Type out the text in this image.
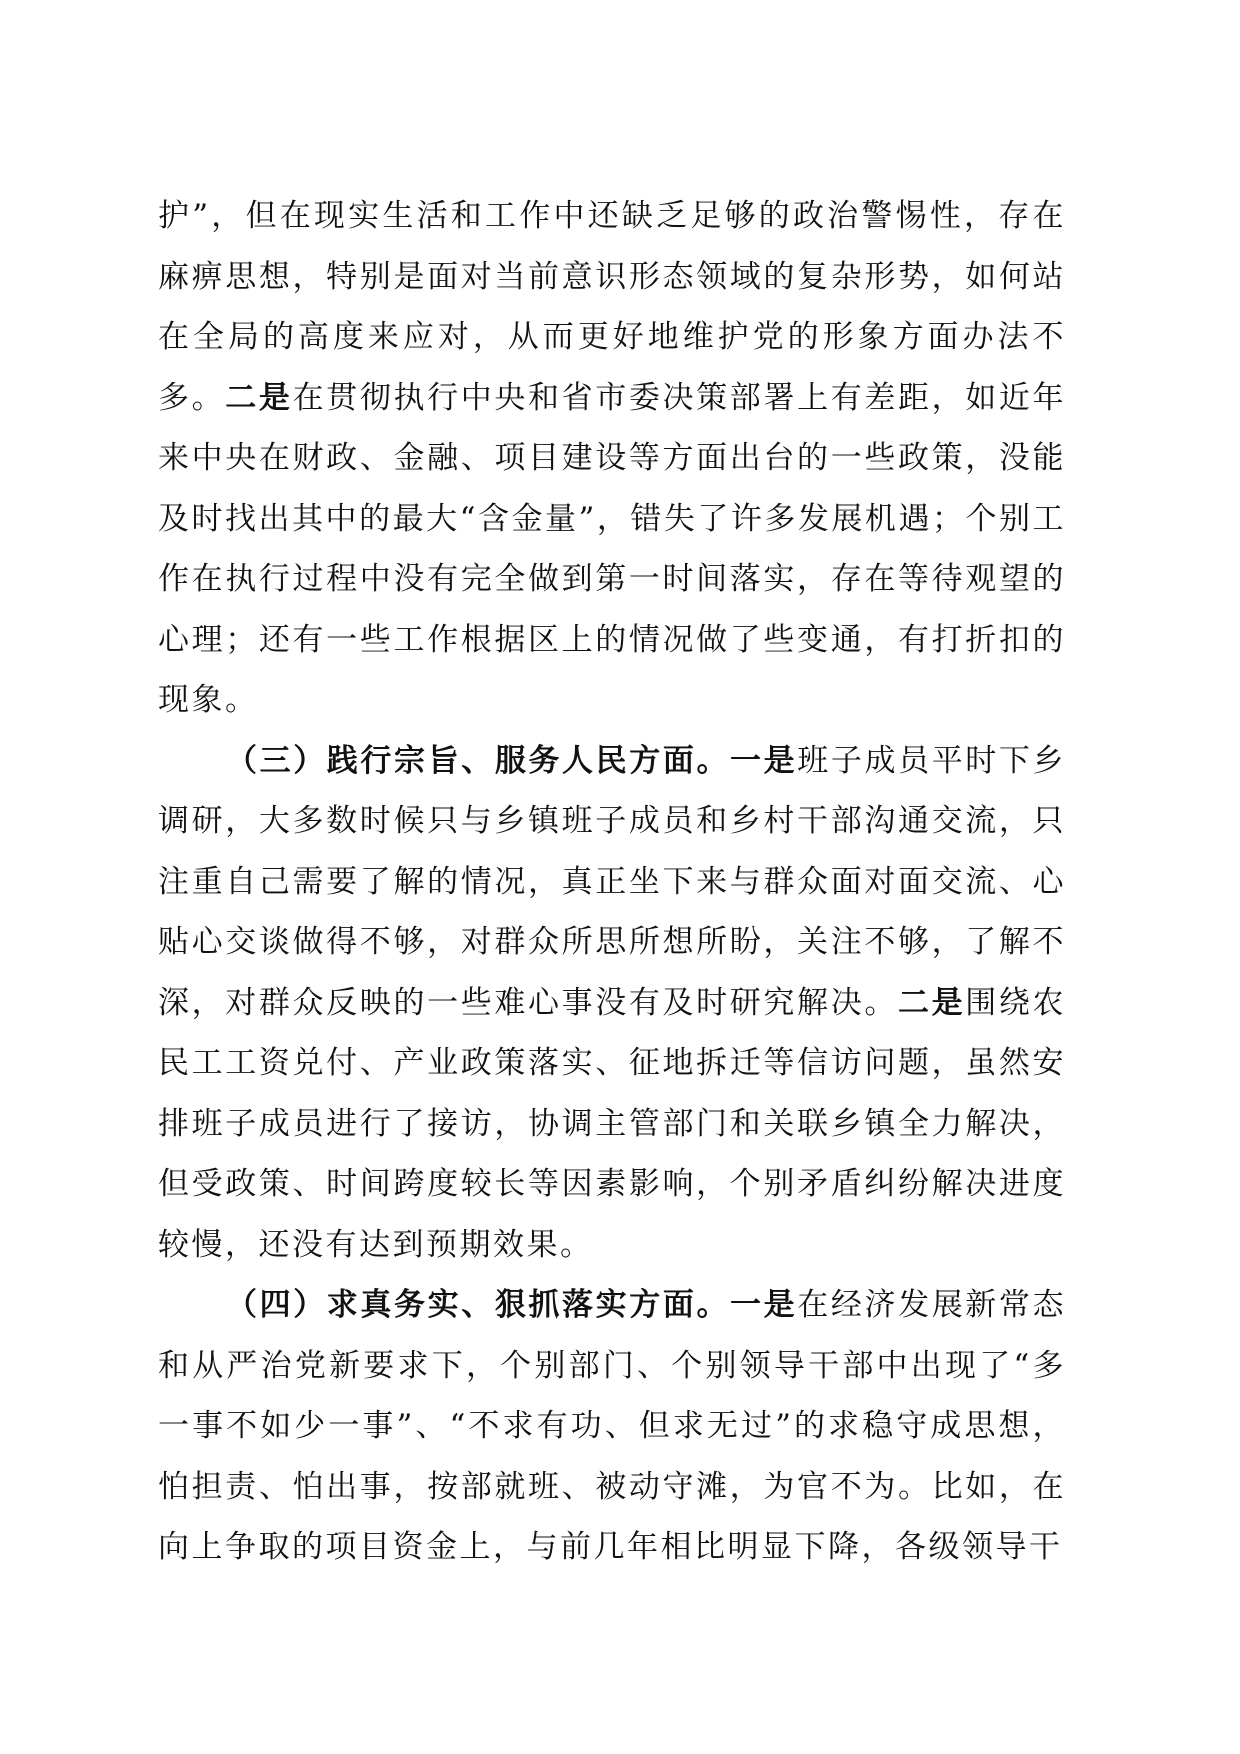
护”，但在现实生活和工作中还缺乏足够的政治警惕性，存在麻痹思想，特别是面对当前意识形态领域的复杂形势，如何站在全局的高度来应对，从而更好地维护党的形象方面办法不多。二是在贯彻执行中央和省市委决策部署上有差距，如近年来中央在财政、金融、项目建设等方面出台的一些政策，没能及时找出其中的最大“含金量”，错失了许多发展机遇；个别工作在执行过程中没有完全做到第一时间落实，存在等待观望的心理；还有一些工作根据区上的情况做了些变通，有打折扣的现象。

（三）践行宗旨、服务人民方面。一是班子成员平时下乡调研，大多数时候只与乡镇班子成员和乡村干部沟通交流，只注重自己需要了解的情况，真正坐下来与群众面对面交流、心贴心交谈做得不够，对群众所思所想所盼，关注不够，了解不深，对群众反映的一些难心事没有及时研究解决。二是围绕农民工工资兑付、产业政策落实、征地拆迁等信访问题，虽然安排班子成员进行了接访，协调主管部门和关联乡镇全力解决，但受政策、时间跨度较长等因素影响，个别矛盾纠纷解决进度较慢，还没有达到预期效果。

（四）求真务实、狠抓落实方面。一是在经济发展新常态和从严治党新要求下，个别部门、个别领导干部中出现了“多一事不如少一事”、“不求有功、但求无过”的求稳守成思想，怕担责、怕出事，按部就班、被动守滩，为官不为。比如，在向上争取的项目资金上，与前几年相比明显下降，各级领导干
